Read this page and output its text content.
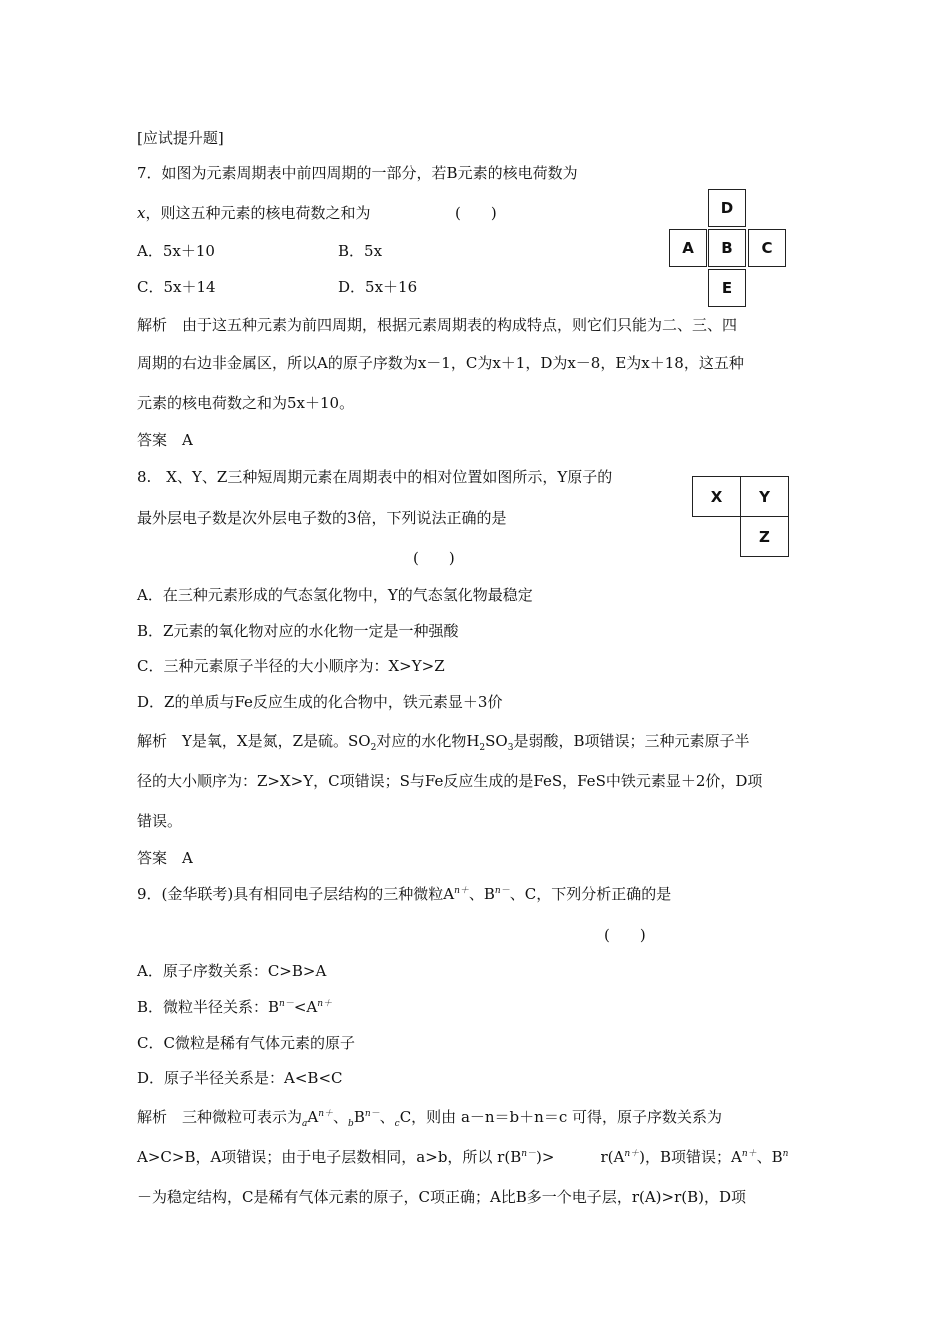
[应试提升题]
7．如图为元素周期表中前四周期的一部分，若B元素的核电荷数为
x，则这五种元素的核电荷数之和为	(　　)
A．5x＋10	B．5x
C．5x＋14	D．5x＋16
D
A	B	C
E
解析　由于这五种元素为前四周期，根据元素周期表的构成特点，则它们只能为二、三、四
周期的右边非金属区，所以A的原子序数为x－1，C为x＋1，D为x－8，E为x＋18，这五种
元素的核电荷数之和为5x＋10。
答案　A
8.　X、Y、Z三种短周期元素在周期表中的相对位置如图所示，Y原子的
最外层电子数是次外层电子数的3倍，下列说法正确的是
(　　)
X	Y
Z
A．在三种元素形成的气态氢化物中，Y的气态氢化物最稳定
B．Z元素的氧化物对应的水化物一定是一种强酸
C．三种元素原子半径的大小顺序为：X>Y>Z
D．Z的单质与Fe反应生成的化合物中，铁元素显＋3价
解析　Y是氧，X是氮，Z是硫。$SO_2$对应的水化物$H_2SO_3$是弱酸，B项错误；三种元素原子半
径的大小顺序为：Z>X>Y，C项错误；S与Fe反应生成的是FeS，FeS中铁元素显＋2价，D项
错误。
答案　A
9．(金华联考)具有相同电子层结构的三种微粒$A^{n+}$、$B^{n-}$、C，下列分析正确的是
(　　)
A．原子序数关系：C>B>A
B．微粒半径关系：$B^{n-}<A^{n+}$
C．C微粒是稀有气体元素的原子
D．原子半径关系是：A<B<C
解析　三种微粒可表示为$_aA^{n+}$、$_bB^{n-}$、$_c$C，则由 a－n＝b＋n＝c 可得，原子序数关系为
A>C>B，A项错误；由于电子层数相同，a>b，所以 $r(B^{n-})>$	$r(A^{n+})$，B项错误；$A^{n+}$、$B^n$
－为稳定结构，C是稀有气体元素的原子，C项正确；A比B多一个电子层，r(A)>r(B)，D项
